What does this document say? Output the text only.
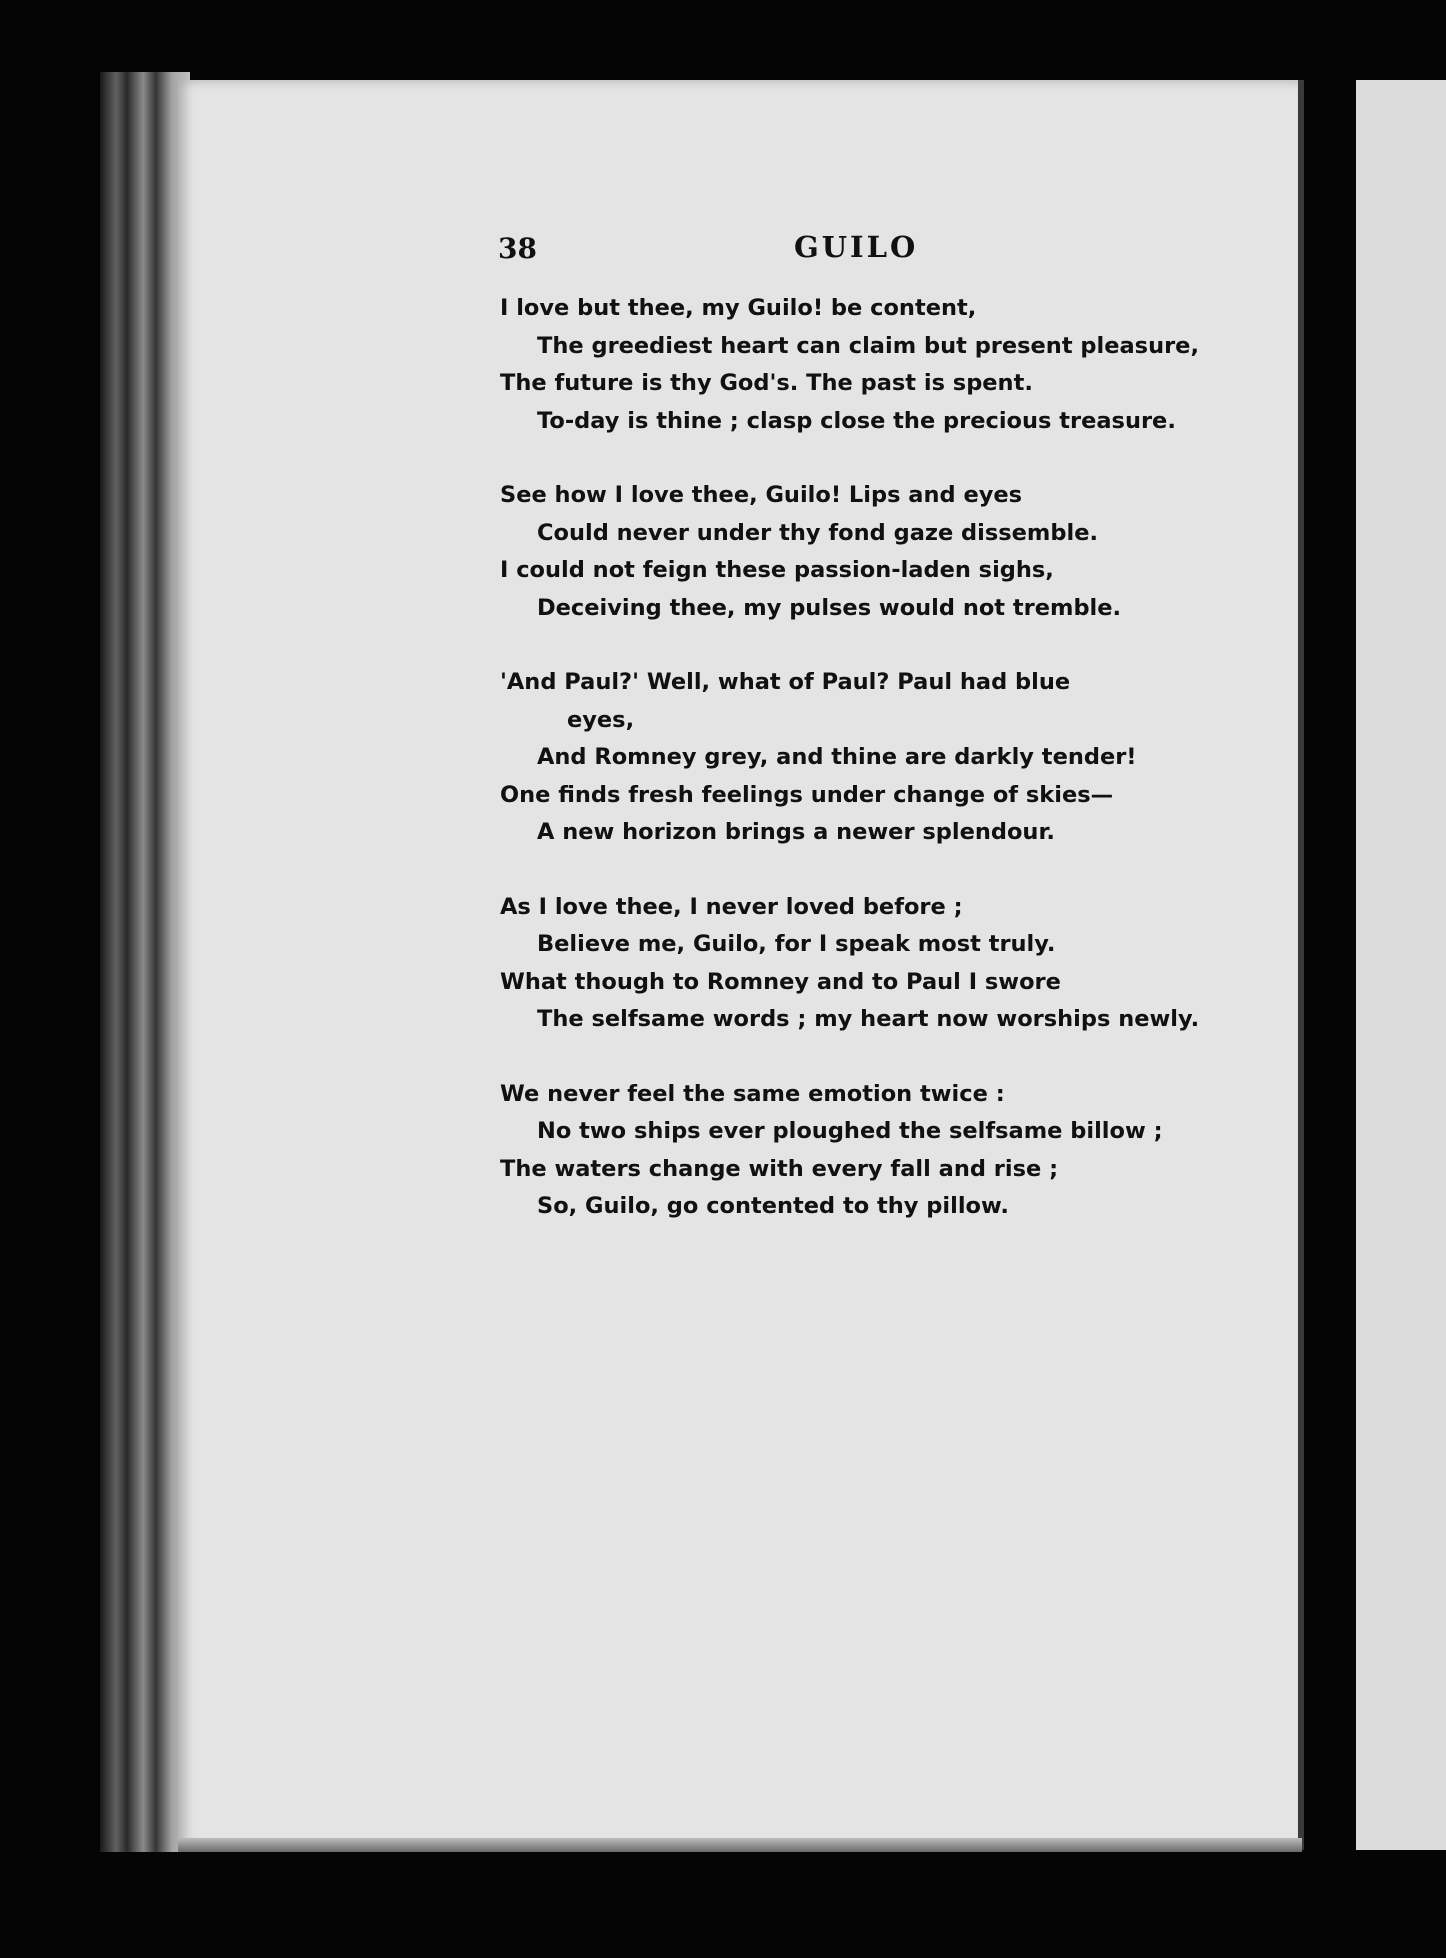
38	GUILO
I love but thee, my Guilo! be content,
The greediest heart can claim but present pleasure,
The future is thy God's. The past is spent.
To-day is thine ; clasp close the precious treasure.
See how I love thee, Guilo! Lips and eyes
Could never under thy fond gaze dissemble.
I could not feign these passion-laden sighs,
Deceiving thee, my pulses would not tremble.
'And Paul?' Well, what of Paul? Paul had blue
eyes,
And Romney grey, and thine are darkly tender!
One finds fresh feelings under change of skies—
A new horizon brings a newer splendour.
As I love thee, I never loved before ;
Believe me, Guilo, for I speak most truly.
What though to Romney and to Paul I swore
The selfsame words ; my heart now worships newly.
We never feel the same emotion twice :
No two ships ever ploughed the selfsame billow ;
The waters change with every fall and rise ;
So, Guilo, go contented to thy pillow.
